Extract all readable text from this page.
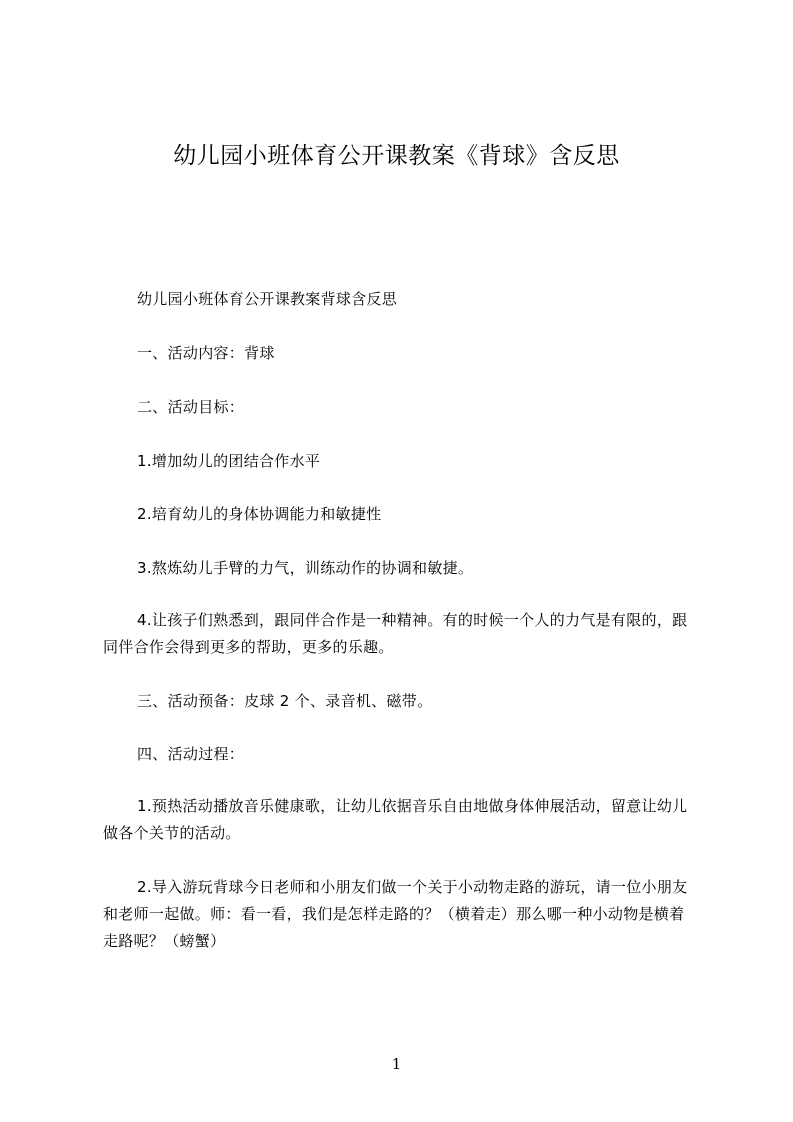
幼儿园小班体育公开课教案《背球》含反思
幼儿园小班体育公开课教案背球含反思
一、活动内容：背球
二、活动目标：
1.增加幼儿的团结合作水平
2.培育幼儿的身体协调能力和敏捷性
3.熬炼幼儿手臂的力气，训练动作的协调和敏捷。
4.让孩子们熟悉到，跟同伴合作是一种精神。有的时候一个人的力气是有限的，跟同伴合作会得到更多的帮助，更多的乐趣。
三、活动预备：皮球 2 个、录音机、磁带。
四、活动过程：
1.预热活动播放音乐健康歌，让幼儿依据音乐自由地做身体伸展活动，留意让幼儿做各个关节的活动。
2.导入游玩背球今日老师和小朋友们做一个关于小动物走路的游玩，请一位小朋友和老师一起做。师：看一看，我们是怎样走路的？（横着走）那么哪一种小动物是横着走路呢？（螃蟹）
1
